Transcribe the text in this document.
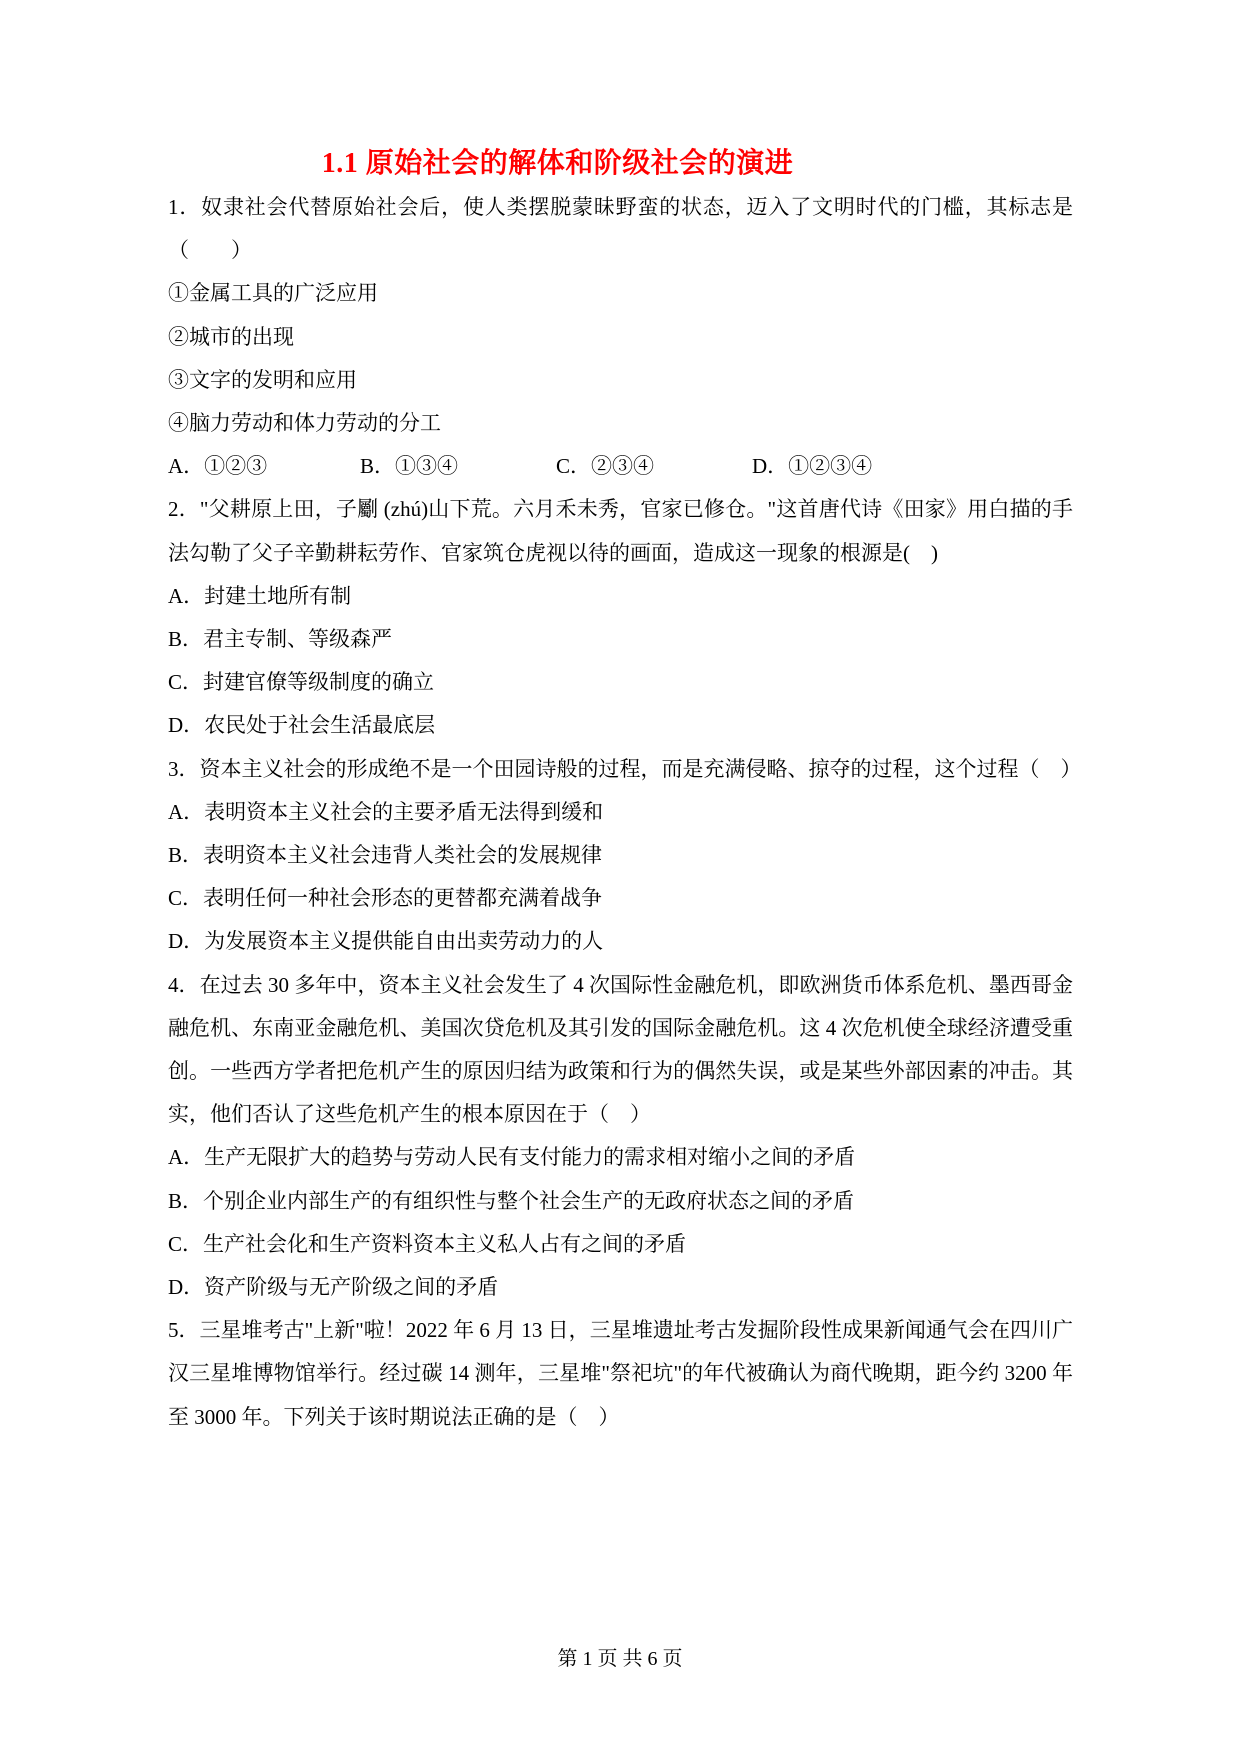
1.1 原始社会的解体和阶级社会的演进

1．奴隶社会代替原始社会后，使人类摆脱蒙昧野蛮的状态，迈入了文明时代的门槛，其标志是（　　）

①金属工具的广泛应用

②城市的出现

③文字的发明和应用

④脑力劳动和体力劳动的分工

A．①②③	B．①③④	C．②③④	D．①②③④

2．"父耕原上田，子劚 (zhú)山下荒。六月禾未秀，官家已修仓。"这首唐代诗《田家》用白描的手法勾勒了父子辛勤耕耘劳作、官家筑仓虎视以待的画面，造成这一现象的根源是(　)

A．封建土地所有制

B．君主专制、等级森严

C．封建官僚等级制度的确立

D．农民处于社会生活最底层

3．资本主义社会的形成绝不是一个田园诗般的过程，而是充满侵略、掠夺的过程，这个过程（　）

A．表明资本主义社会的主要矛盾无法得到缓和

B．表明资本主义社会违背人类社会的发展规律

C．表明任何一种社会形态的更替都充满着战争

D．为发展资本主义提供能自由出卖劳动力的人

4．在过去 30 多年中，资本主义社会发生了 4 次国际性金融危机，即欧洲货币体系危机、墨西哥金融危机、东南亚金融危机、美国次贷危机及其引发的国际金融危机。这 4 次危机使全球经济遭受重创。一些西方学者把危机产生的原因归结为政策和行为的偶然失误，或是某些外部因素的冲击。其实，他们否认了这些危机产生的根本原因在于（　）

A．生产无限扩大的趋势与劳动人民有支付能力的需求相对缩小之间的矛盾

B．个别企业内部生产的有组织性与整个社会生产的无政府状态之间的矛盾

C．生产社会化和生产资料资本主义私人占有之间的矛盾

D．资产阶级与无产阶级之间的矛盾

5．三星堆考古"上新"啦！2022 年 6 月 13 日，三星堆遗址考古发掘阶段性成果新闻通气会在四川广汉三星堆博物馆举行。经过碳 14 测年，三星堆"祭祀坑"的年代被确认为商代晚期，距今约 3200 年至 3000 年。下列关于该时期说法正确的是（　）

第 1 页 共 6 页
